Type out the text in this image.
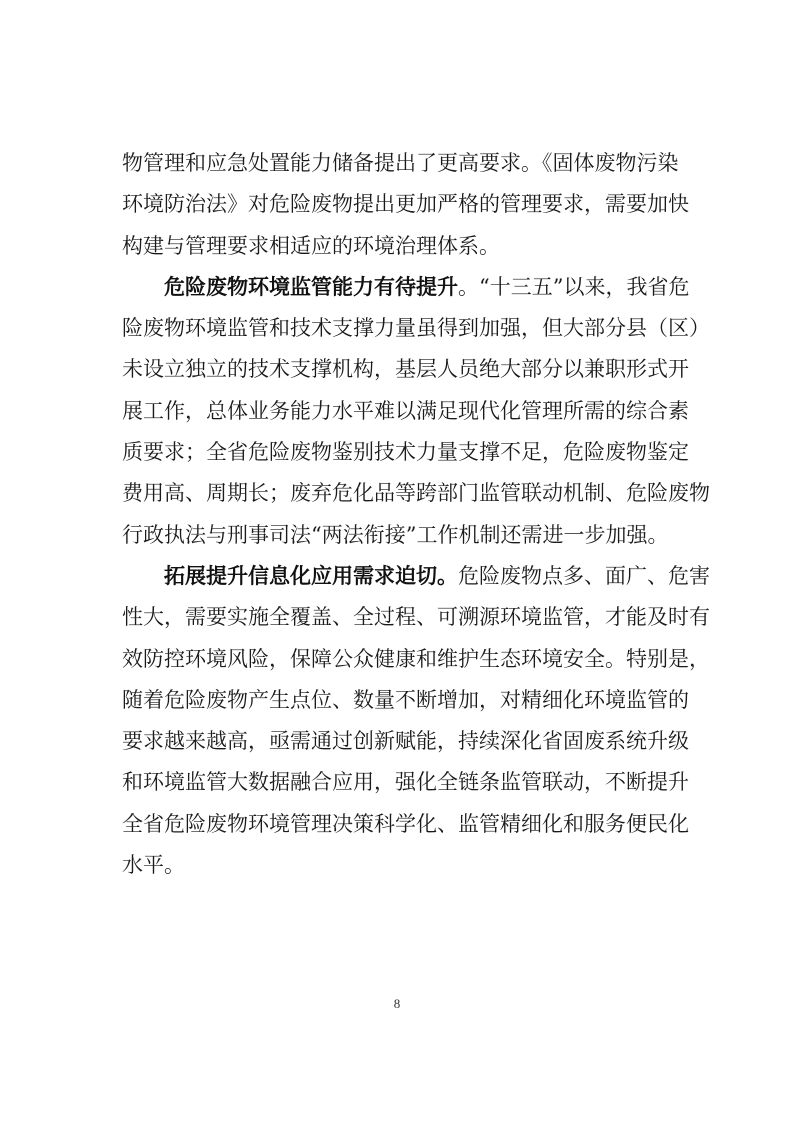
物管理和应急处置能力储备提出了更高要求。《固体废物污染
环境防治法》对危险废物提出更加严格的管理要求，需要加快
构建与管理要求相适应的环境治理体系。
危险废物环境监管能力有待提升。“十三五”以来，我省危
险废物环境监管和技术支撑力量虽得到加强，但大部分县（区）
未设立独立的技术支撑机构，基层人员绝大部分以兼职形式开
展工作，总体业务能力水平难以满足现代化管理所需的综合素
质要求；全省危险废物鉴别技术力量支撑不足，危险废物鉴定
费用高、周期长；废弃危化品等跨部门监管联动机制、危险废物
行政执法与刑事司法“两法衔接”工作机制还需进一步加强。
拓展提升信息化应用需求迫切。危险废物点多、面广、危害
性大，需要实施全覆盖、全过程、可溯源环境监管，才能及时有
效防控环境风险，保障公众健康和维护生态环境安全。特别是，
随着危险废物产生点位、数量不断增加，对精细化环境监管的
要求越来越高，亟需通过创新赋能，持续深化省固废系统升级
和环境监管大数据融合应用，强化全链条监管联动，不断提升
全省危险废物环境管理决策科学化、监管精细化和服务便民化
水平。
8
